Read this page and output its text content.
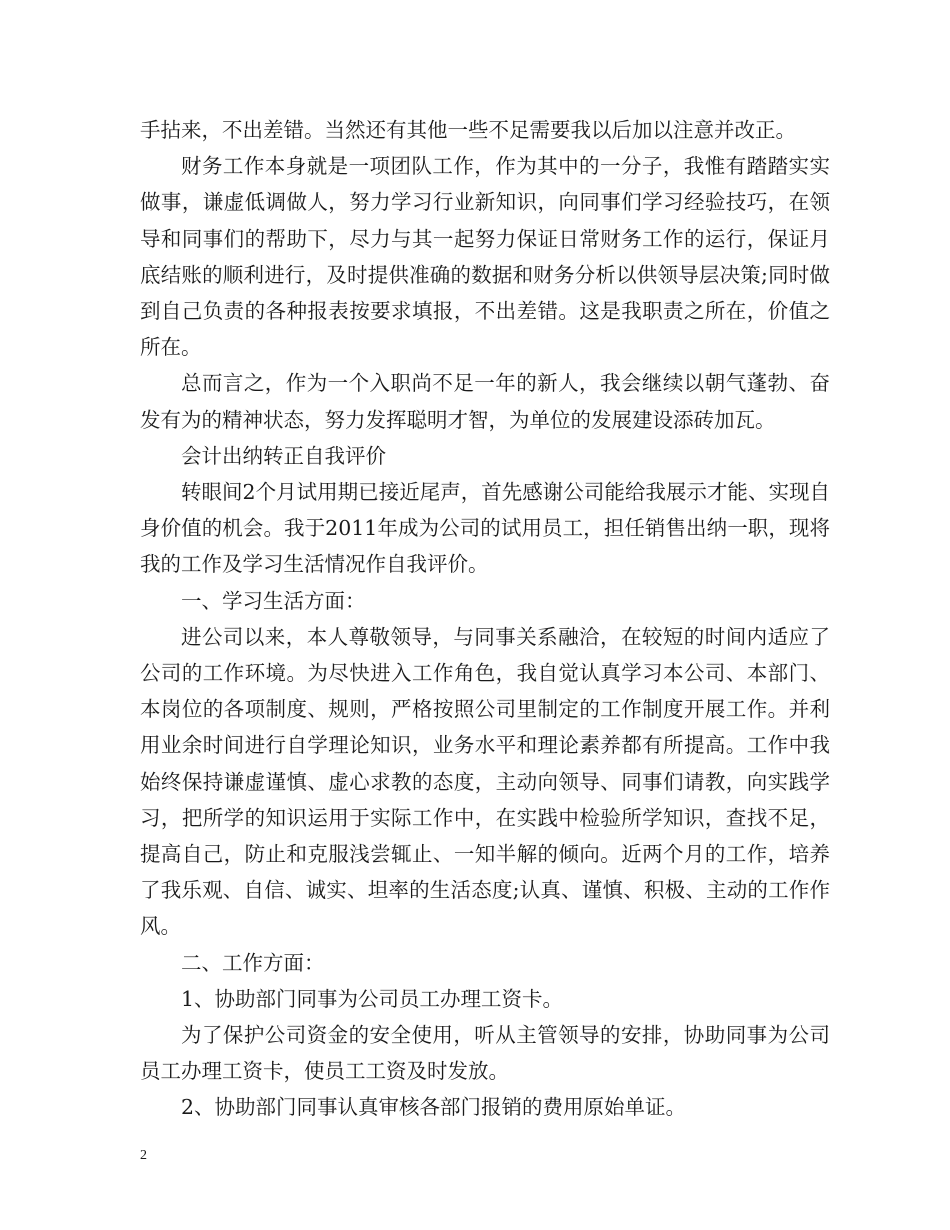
手拈来，不出差错。当然还有其他一些不足需要我以后加以注意并改正。

财务工作本身就是一项团队工作，作为其中的一分子，我惟有踏踏实实做事，谦虚低调做人，努力学习行业新知识，向同事们学习经验技巧，在领导和同事们的帮助下，尽力与其一起努力保证日常财务工作的运行，保证月底结账的顺利进行，及时提供准确的数据和财务分析以供领导层决策;同时做到自己负责的各种报表按要求填报，不出差错。这是我职责之所在，价值之所在。

总而言之，作为一个入职尚不足一年的新人，我会继续以朝气蓬勃、奋发有为的精神状态，努力发挥聪明才智，为单位的发展建设添砖加瓦。

会计出纳转正自我评价

转眼间2个月试用期已接近尾声，首先感谢公司能给我展示才能、实现自身价值的机会。我于2011年成为公司的试用员工，担任销售出纳一职，现将我的工作及学习生活情况作自我评价。

一、学习生活方面：

进公司以来，本人尊敬领导，与同事关系融洽，在较短的时间内适应了公司的工作环境。为尽快进入工作角色，我自觉认真学习本公司、本部门、本岗位的各项制度、规则，严格按照公司里制定的工作制度开展工作。并利用业余时间进行自学理论知识，业务水平和理论素养都有所提高。工作中我始终保持谦虚谨慎、虚心求教的态度，主动向领导、同事们请教，向实践学习，把所学的知识运用于实际工作中，在实践中检验所学知识，查找不足，提高自己，防止和克服浅尝辄止、一知半解的倾向。近两个月的工作，培养了我乐观、自信、诚实、坦率的生活态度;认真、谨慎、积极、主动的工作作风。

二、工作方面：

1、协助部门同事为公司员工办理工资卡。

为了保护公司资金的安全使用，听从主管领导的安排，协助同事为公司员工办理工资卡，使员工工资及时发放。

2、协助部门同事认真审核各部门报销的费用原始单证。

2
